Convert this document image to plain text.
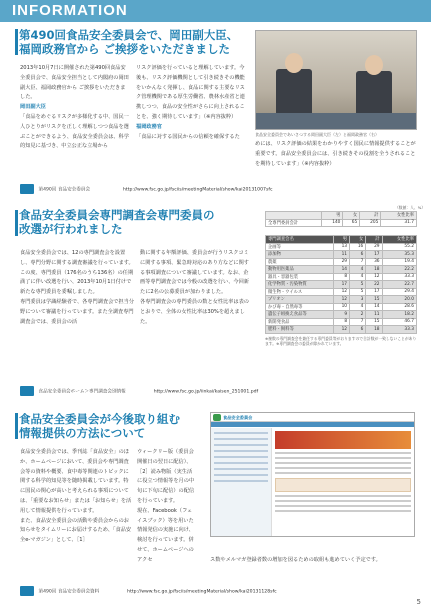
INFORMATION
第490回食品安全委員会で、岡田副大臣、福岡政務官から ご挨拶をいただきました
2013年10月7日に開催された第490回食品安全委員会で、食品安全担当として内閣府の岡田副大臣、福岡政務官から ご挨拶をいただきました。
岡田副大臣
「食品をめぐるリスクが多様化する中、国民一人ひとりがリスクを正しく理解しつつ食品を選ぶことができるよう、食品安全委員会は、科学的知見に基づき、中立公正な立場から
リスク評価を行っていると理解しています。今後も、リスク評価機関として引き続きその機能をいかんなく発揮し、食品に関する主要なリスク管理機関である厚生労働省、農林水産省と連携しつつ、食品の安全性がさらに向上されることを、強く期待しています」（※内容抜粋）
福岡政務官
「食品に対する国民からの信頼を確保するた	食品安全委員会であいさつする岡田副大臣（左）と福岡政務官（右）
めには、リスク評価の結果をわかりやすく国民に情報提供することが重要です。食品安全委員会には、引き続きその役割を全うされることを期待しています」（※内容抜粋）
第490回 食品安全委員会	http://www.fsc.go.jp/fsciis/meetingMaterial/show/kai20131007sfc
食品安全委員会専門調査会専門委員の改選が行われました
食品安全委員会では、12の専門調査会を設置し、専門分野に関する調査審議を行っています。この度、専門委員（176名のうち136名）の任期満了に伴い改選を行い、2013年10月1日付けで新たな専門委員を委嘱しました。
専門委員は学識経験者で、各専門調査会で担当分野について審議を行っています。また全調査専門調査会では、委員会の活
動に関する年額評価、委員会が行うリスクコミに関する事項、緊急時対応のあり方などに関する事項調査について審議しています。なお、企画等専門調査会では今般の改選を行い、今回新たに2名の公募委員が加わりました。
各専門調査会の専門委員の数と女性比率は表のとおりで、全体の女性比率は30%を超えました。
（数値：人、%）
	男	女	計	女性比率
全専門委員会計	140	65	205	31.7
専門調査会名	男	女	計	女性比率
企画等	13	16	29	55.2
添加物	11	6	17	35.3
農薬	29	7	36	19.4
動物用医薬品	14	4	18	22.2
器具・容器包装	8	4	12	33.3
化学物質・汚染物質	17	5	22	22.7
微生物・ウイルス	12	5	17	29.4
プリオン	12	3	15	20.0
かび毒・自然毒等	10	4	14	28.6
遺伝子組換え食品等	9	2	11	18.2
新開発食品	8	7	15	46.7
肥料・飼料等	12	6	18	33.3
※複数の専門調査会を兼任する専門委員等がおりますので合計数が一致しないことがあります。※専門調査会の委員が除かれています。
食品安全委員会ホーム＞専門調査会別情報	http://www.fsc.go.jp/iinkai/kaisen_251001.pdf
食品安全委員会が今後取り組む 情報提供の方法について
食品安全委員会では、季刊誌「食品安全」のほか、ホームページにおいて、委員会や専門調査会等の資料や概要、食中毒等関連のトピックに関する科学的知見等を随時掲載しています。特に国民の関心が高いと考えられる事項については、「重要なお知らせ」または「お知らせ」を活用して情報提供を行っています。
また、食品安全委員会の活動や委員会からのお知らせをタイムリーにお届けするため、「食品安全e-マガジン」として、［1］
ウィークリー版（委員会開催日の翌日に配信）、［2］読み物版（実生活に役立つ情報等を月の中旬に下旬に配信）の配信を行っています。
現在、Facebook（フェイスブック）等を用いた情報発信の実施に向け、検討を行っています。併せて、ホームページへのアクセ
食品安全委員会
ス数やメルマガ登録者数の増加を図るための取組も進めていく予定です。
第490回 食品安全委員会資料	http://www.fsc.go.jp/fsciis/meetingMaterial/show/kai20131128sfc
5
